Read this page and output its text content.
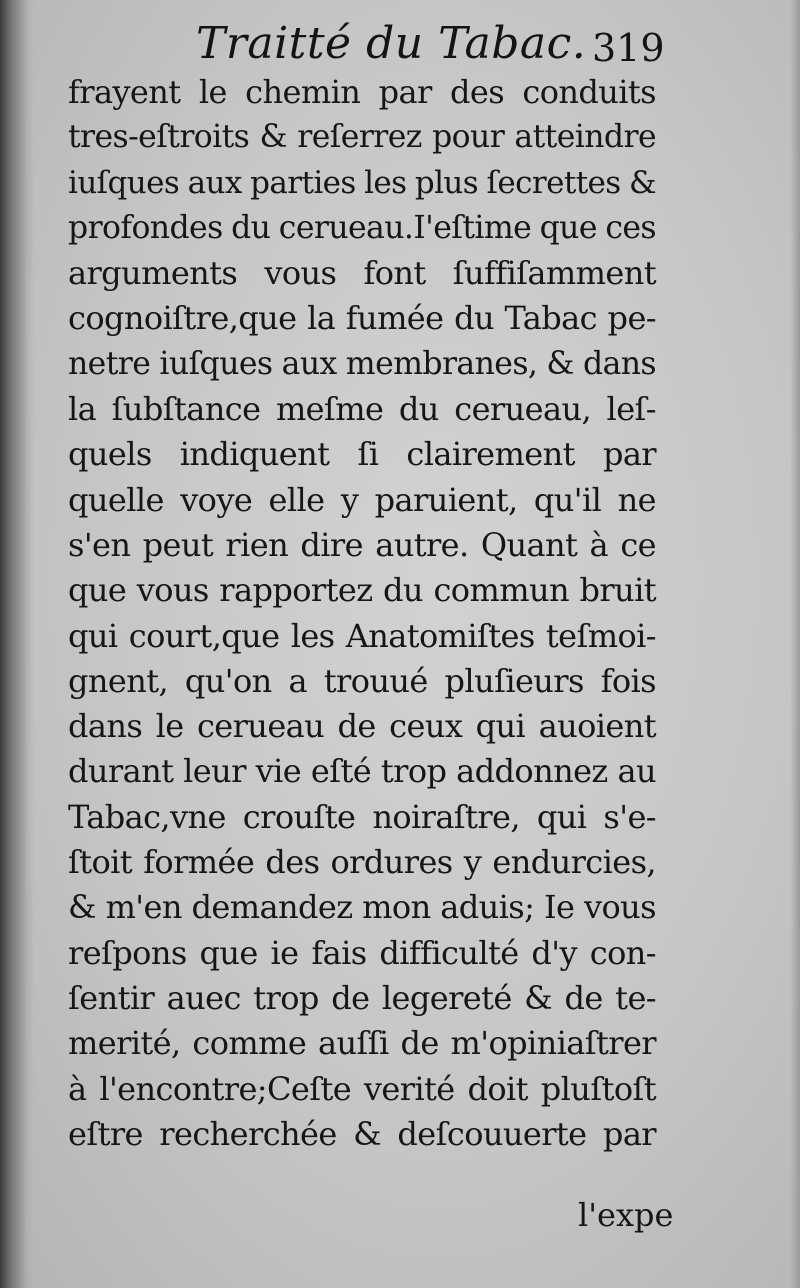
Traitté du Tabac. 319
frayent le chemin par des conduits
tres-eſtroits & reſerrez pour atteindre
iuſques aux parties les plus ſecrettes &
profondes du cerueau.I'eſtime que ces
arguments vous font ſuffiſamment
cognoiſtre,que la fumée du Tabac pe-
netre iuſques aux membranes, & dans
la ſubſtance meſme du cerueau, leſ-
quels indiquent ſi clairement par
quelle voye elle y paruient, qu'il ne
s'en peut rien dire autre. Quant à ce
que vous rapportez du commun bruit
qui court,que les Anatomiſtes teſmoi-
gnent, qu'on a trouué pluſieurs fois
dans le cerueau de ceux qui auoient
durant leur vie eſté trop addonnez au
Tabac,vne crouſte noiraſtre, qui s'e-
ſtoit formée des ordures y endurcies,
& m'en demandez mon aduis; Ie vous
reſpons que ie fais difficulté d'y con-
ſentir auec trop de legereté & de te-
merité, comme auſſi de m'opiniaſtrer
à l'encontre;Ceſte verité doit pluſtoſt
eſtre recherchée & deſcouuerte par
l'expe
